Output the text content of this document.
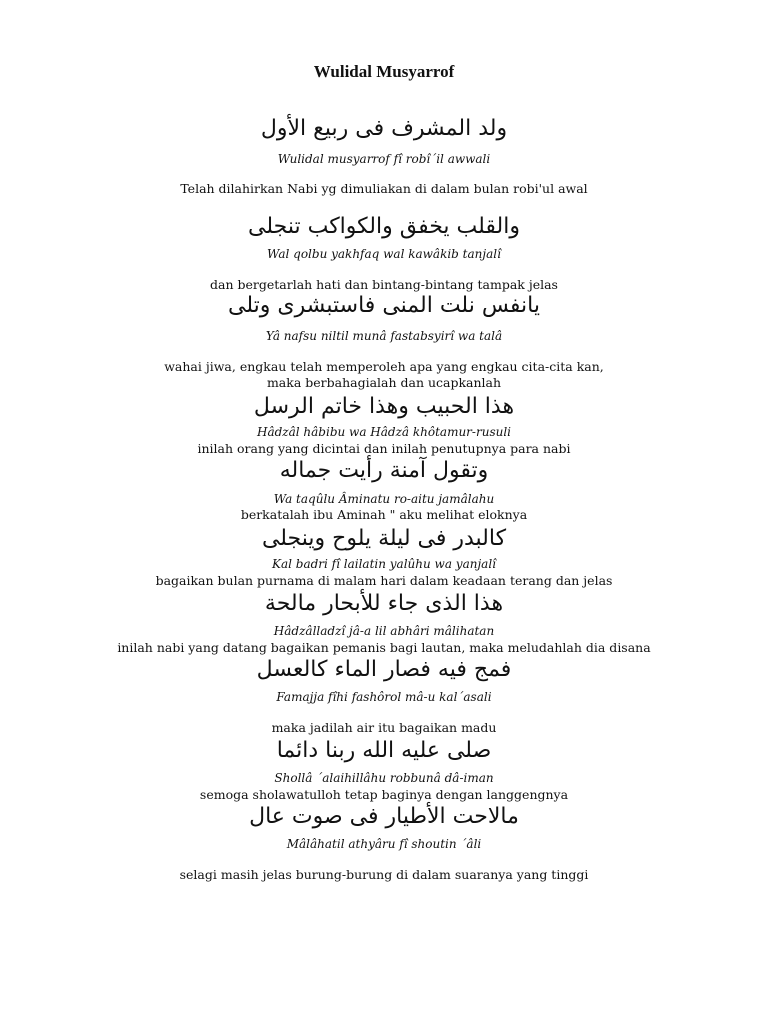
Wulidal Musyarrof

ولد المشرف فى ربيع الأول

Wulidal musyarrof fî robî´il awwali

Telah dilahirkan Nabi yg dimuliakan di dalam bulan robi'ul awal

والقلب يخفق والكواكب تنجلى

Wal qolbu yakhfaq wal kawâkib tanjalî

dan bergetarlah hati dan bintang-bintang tampak jelas

يانفس نلت المنى فاستبشرى وتلى

Yâ nafsu niltil munâ fastabsyirî wa talâ

wahai jiwa, engkau telah memperoleh apa yang engkau cita-cita kan,

maka berbahagialah dan ucapkanlah

هذا الحبيب وهذا خاتم الرسل

Hâdzâl hâbibu wa Hâdzâ khôtamur-rusuli

inilah orang yang dicintai dan inilah penutupnya para nabi

وتقول آمنة رأيت جماله

Wa taqûlu Âminatu ro-aitu jamâlahu

berkatalah ibu Aminah " aku melihat eloknya

كالبدر فى ليلة يلوح وينجلى

Kal badri fî lailatin yalûhu wa yanjalî

bagaikan bulan purnama di malam hari dalam keadaan terang dan jelas

هذا الذى جاء للأبحار مالحة

Hâdzâlladzî jâ-a lil abhâri mâlihatan

inilah nabi yang datang bagaikan pemanis bagi lautan, maka meludahlah dia disana

فمج فيه فصار الماء كالعسل

Famajja fîhi fashôrol mâ-u kal´asali

maka jadilah air itu bagaikan madu

صلى عليه الله ربنا دائما

Shollâ ´alaihillâhu robbunâ dâ-iman

semoga sholawatulloh tetap baginya dengan langgengnya

مالاحت الأطيار فى صوت عال

Mâlâhatil athyâru fî shoutin ´âli

selagi masih jelas burung-burung di dalam suaranya yang tinggi
